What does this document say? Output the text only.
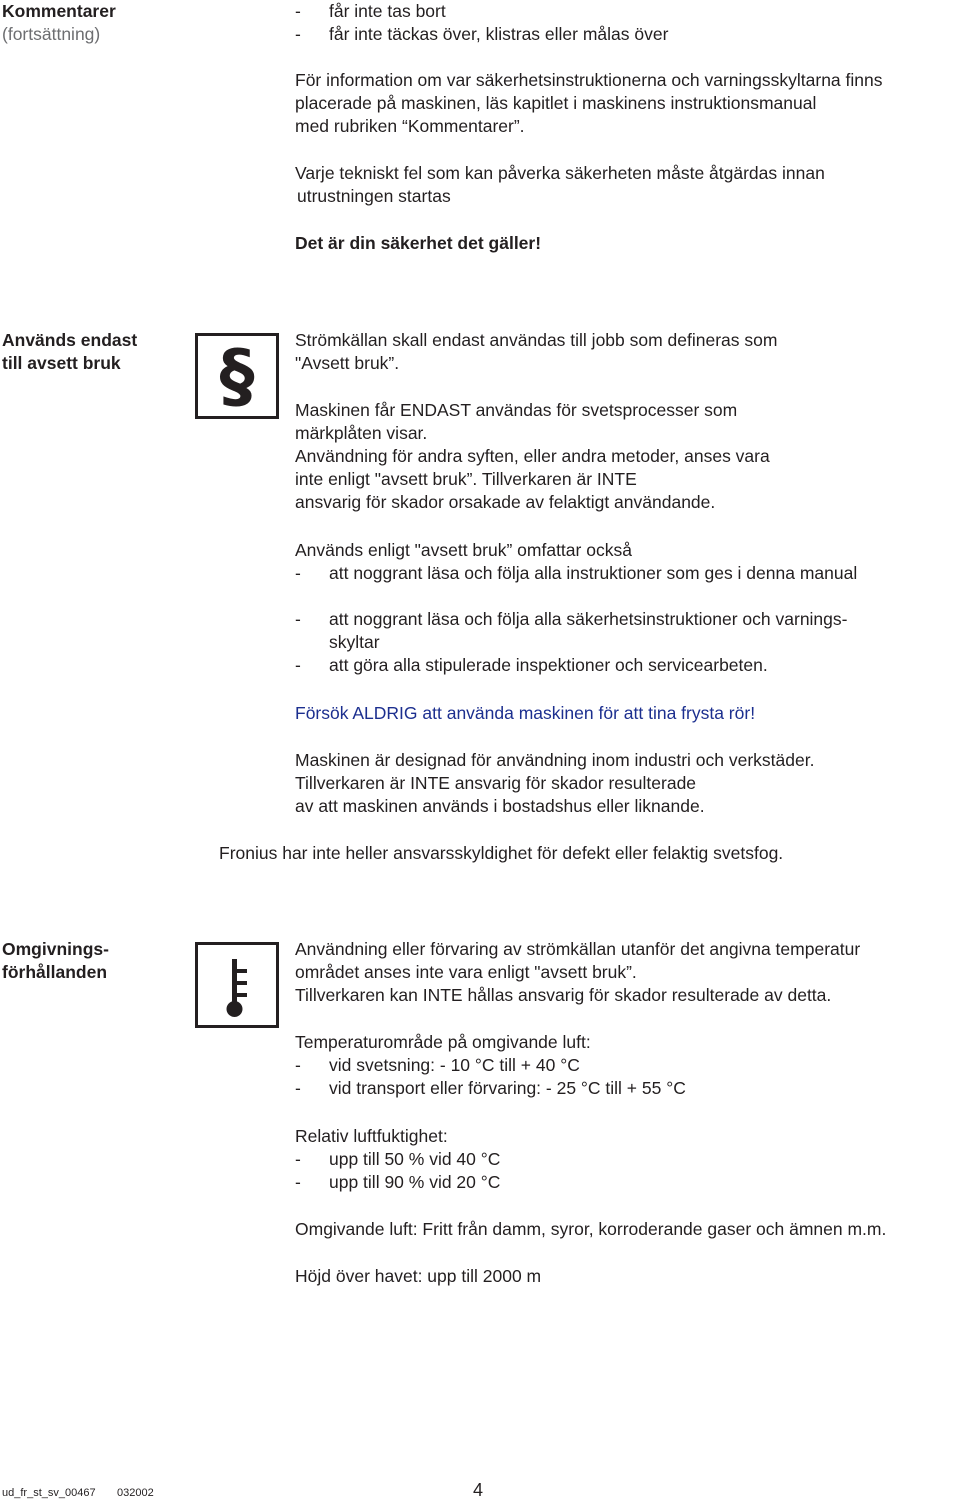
Kommentarer
(fortsättning)
- får inte tas bort
- får inte täckas över, klistras eller målas över
För information om var säkerhetsinstruktionerna och varningsskyltarna finns
placerade på maskinen, läs kapitlet i maskinens instruktionsmanual
med rubriken “Kommentarer”.
Varje tekniskt fel som kan påverka säkerheten måste åtgärdas innan
utrustningen startas
Det är din säkerhet det gäller!
Används endast
till avsett bruk	§	Strömkällan skall endast användas till jobb som defineras som
"Avsett bruk”.
Maskinen får ENDAST användas för svetsprocesser som
märkplåten visar.
Användning för andra syften, eller andra metoder, anses vara
inte enligt "avsett bruk”. Tillverkaren är INTE
ansvarig för skador orsakade av felaktigt användande.
Används enligt "avsett bruk” omfattar också
- att noggrant läsa och följa alla instruktioner som ges i denna manual
- att noggrant läsa och följa alla säkerhetsinstruktioner och varnings-
skyltar
- att göra alla stipulerade inspektioner och servicearbeten.
Försök ALDRIG att använda maskinen för att tina frysta rör!
Maskinen är designad för användning inom industri och verkstäder.
Tillverkaren är INTE ansvarig för skador resulterade
av att maskinen används i bostadshus eller liknande.
Fronius har inte heller ansvarsskyldighet för defekt eller felaktig svetsfog.
Omgivnings-
förhållanden
Användning eller förvaring av strömkällan utanför det angivna temperatur
området anses inte vara enligt "avsett bruk”.
Tillverkaren kan INTE hållas ansvarig för skador resulterade av detta.
Temperaturområde på omgivande luft:
- vid svetsning: - 10 °C till + 40 °C
- vid transport eller förvaring: - 25 °C till + 55 °C
Relativ luftfuktighet:
- upp till 50 % vid 40 °C
- upp till 90 % vid 20 °C
Omgivande luft: Fritt från damm, syror, korroderande gaser och ämnen m.m.
Höjd över havet: upp till 2000 m
ud_fr_st_sv_00467 032002	4
